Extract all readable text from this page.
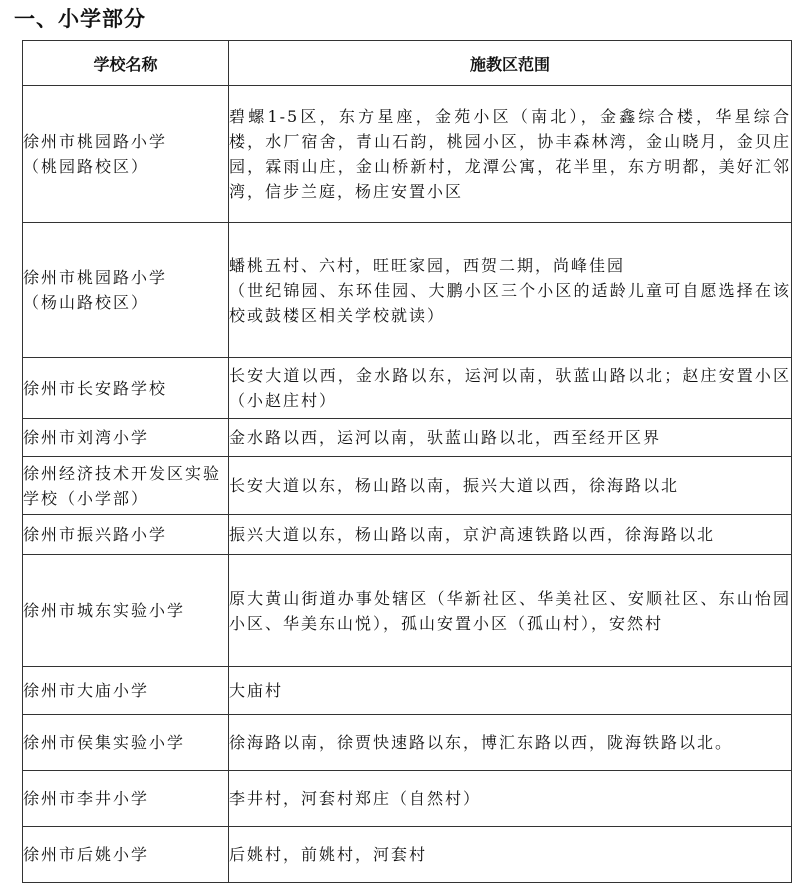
一、小学部分
学校名称	施教区范围
徐州市桃园路小学
（桃园路校区）	碧螺1-5区，东方星座，金苑小区（南北），金鑫综合楼，华星综合楼，水厂宿舍，青山石韵，桃园小区，协丰森林湾，金山晓月，金贝庄园，霖雨山庄，金山桥新村，龙潭公寓，花半里，东方明都，美好汇邻湾，信步兰庭，杨庄安置小区
徐州市桃园路小学
（杨山路校区）	蟠桃五村、六村，旺旺家园，西贺二期，尚峰佳园
（世纪锦园、东环佳园、大鹏小区三个小区的适龄儿童可自愿选择在该校或鼓楼区相关学校就读）
徐州市长安路学校	长安大道以西，金水路以东，运河以南，驮蓝山路以北；赵庄安置小区（小赵庄村）
徐州市刘湾小学	金水路以西，运河以南，驮蓝山路以北，西至经开区界
徐州经济技术开发区实验学校（小学部）	长安大道以东，杨山路以南，振兴大道以西，徐海路以北
徐州市振兴路小学	振兴大道以东，杨山路以南，京沪高速铁路以西，徐海路以北
徐州市城东实验小学	原大黄山街道办事处辖区（华新社区、华美社区、安顺社区、东山怡园小区、华美东山悦），孤山安置小区（孤山村），安然村
徐州市大庙小学	大庙村
徐州市侯集实验小学	徐海路以南，徐贾快速路以东，博汇东路以西，陇海铁路以北。
徐州市李井小学	李井村，河套村郑庄（自然村）
徐州市后姚小学	后姚村，前姚村，河套村
